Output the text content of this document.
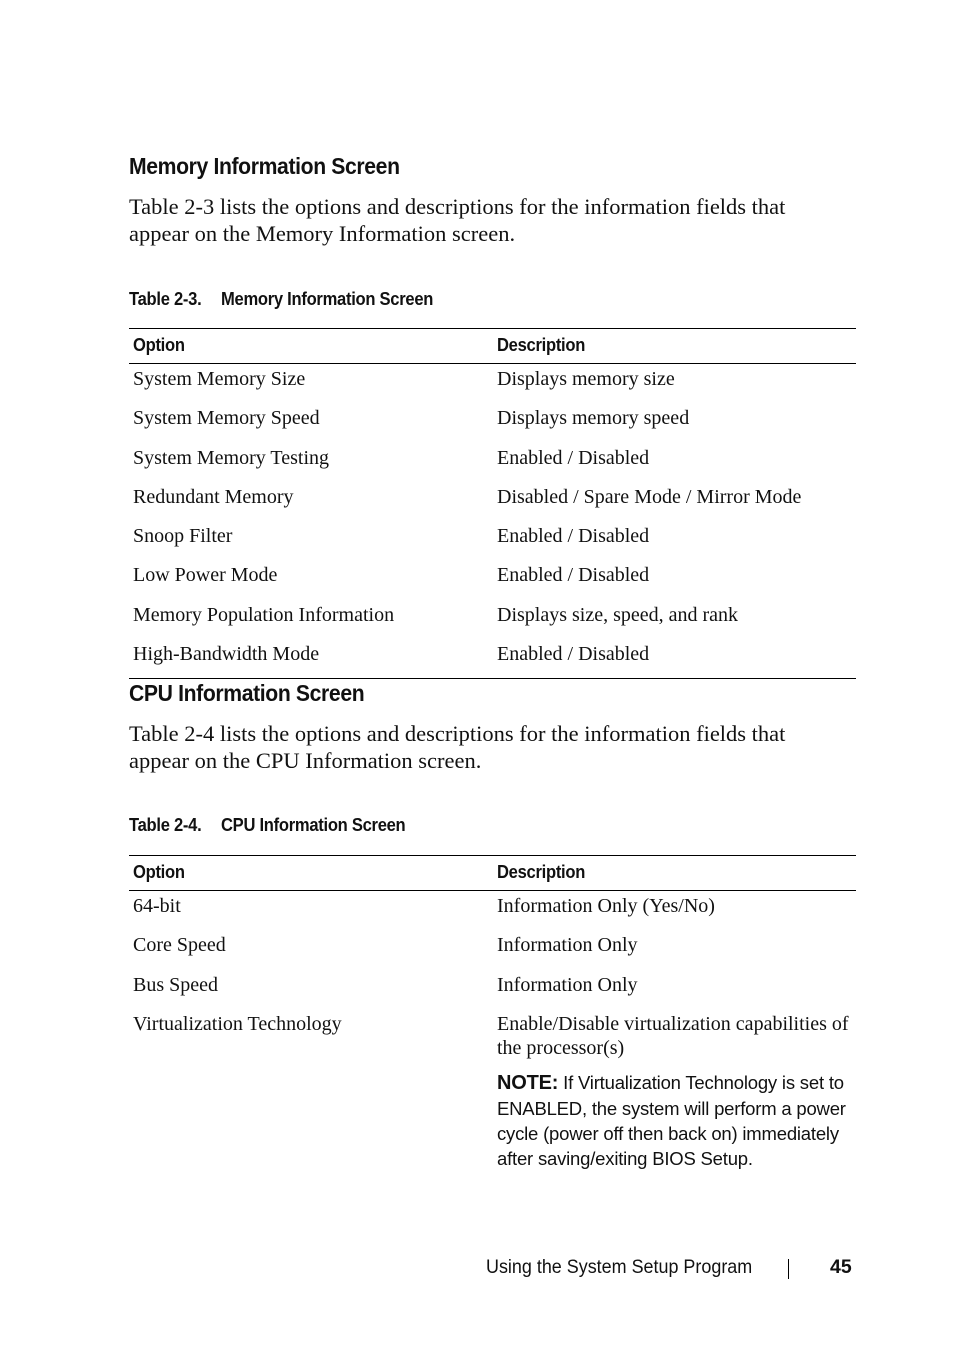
Memory Information Screen

Table 2-3 lists the options and descriptions for the information fields that appear on the Memory Information screen.

Table 2-3. Memory Information Screen
Option	Description
System Memory Size	Displays memory size
System Memory Speed	Displays memory speed
System Memory Testing	Enabled / Disabled
Redundant Memory	Disabled / Spare Mode / Mirror Mode
Snoop Filter	Enabled / Disabled
Low Power Mode	Enabled / Disabled
Memory Population Information	Displays size, speed, and rank
High-Bandwidth Mode	Enabled / Disabled
CPU Information Screen

Table 2-4 lists the options and descriptions for the information fields that appear on the CPU Information screen.

Table 2-4. CPU Information Screen
Option	Description
64-bit	Information Only (Yes/No)
Core Speed	Information Only
Bus Speed	Information Only
Virtualization Technology	Enable/Disable virtualization capabilities of the processor(s)
NOTE: If Virtualization Technology is set to ENABLED, the system will perform a power cycle (power off then back on) immediately after saving/exiting BIOS Setup.
Using the System Setup Program	45
